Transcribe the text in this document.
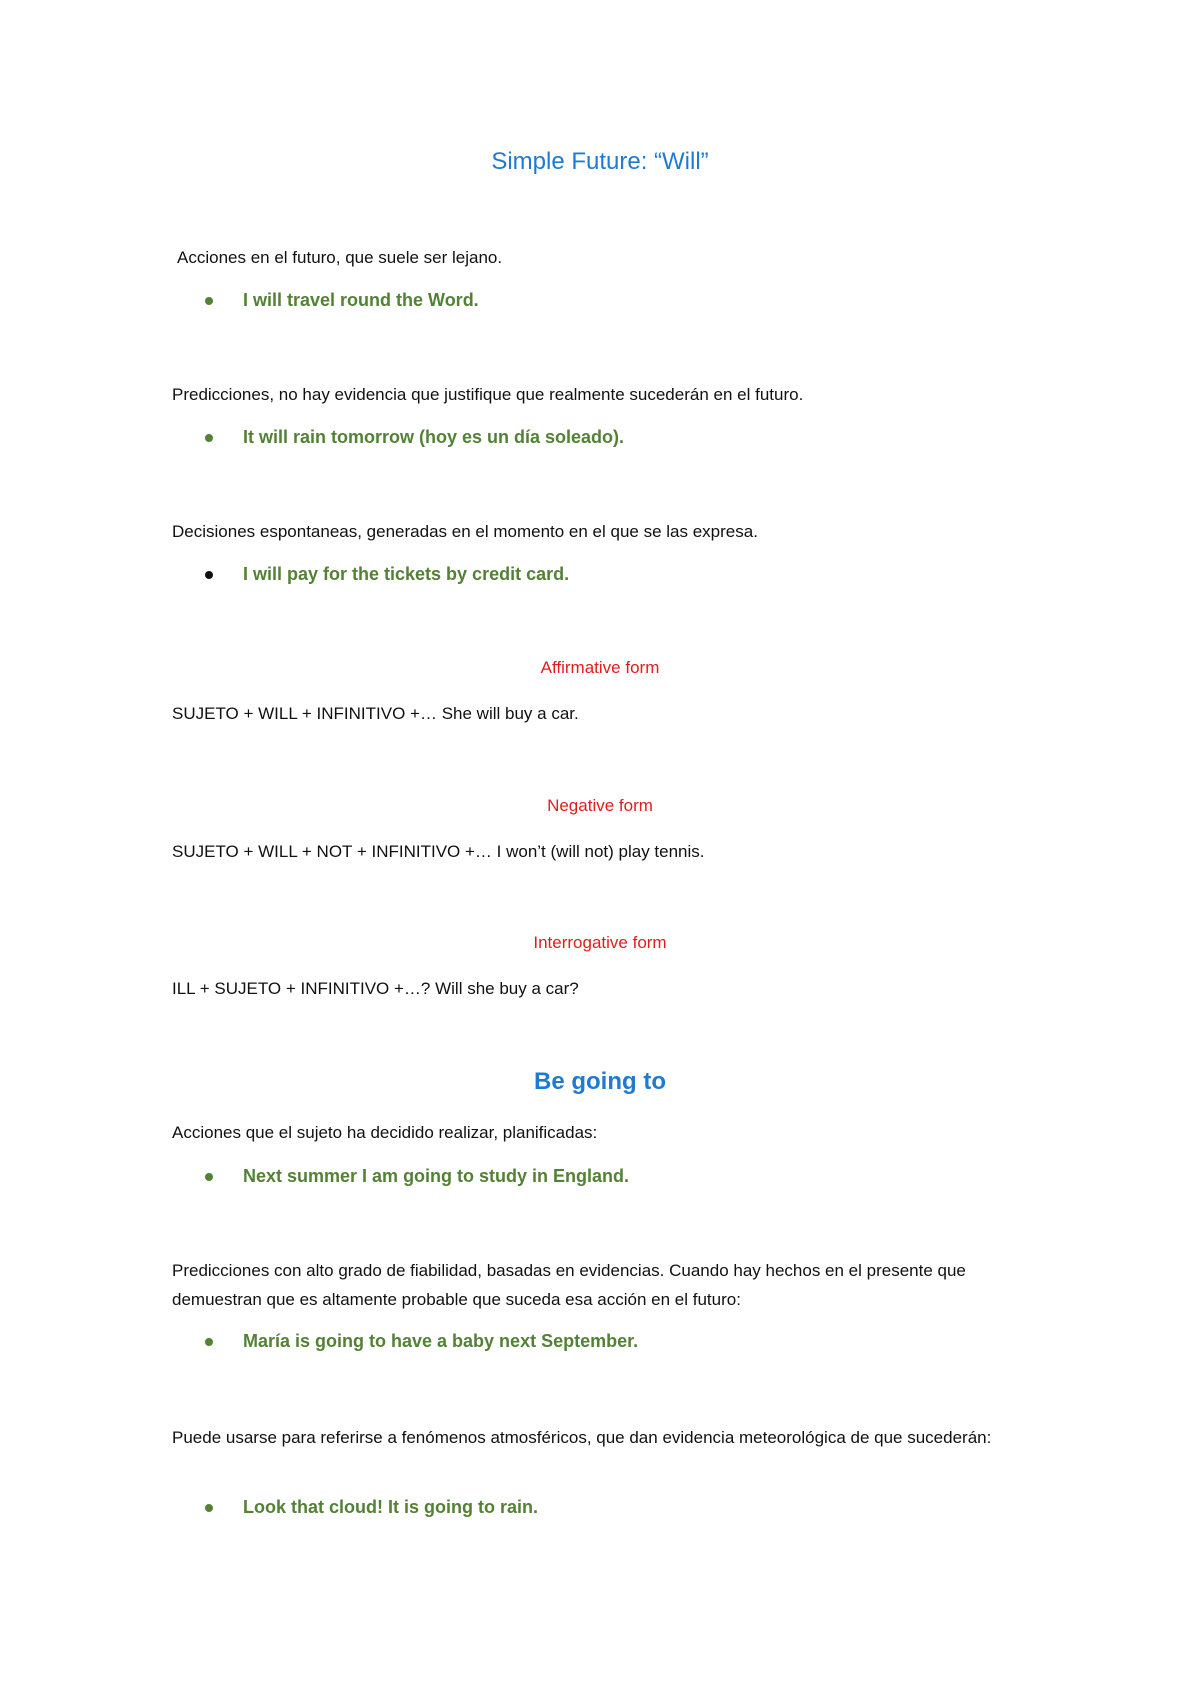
Simple Future: “Will”
Acciones en el futuro, que suele ser lejano.
I will travel round the Word.
Predicciones, no hay evidencia que justifique que realmente sucederán en el futuro.
It will rain tomorrow (hoy es un día soleado).
Decisiones espontaneas, generadas en el momento en el que se las expresa.
I will pay for the tickets by credit card.
Affirmative form
SUJETO + WILL + INFINITIVO +… She will buy a car.
Negative form
SUJETO + WILL + NOT + INFINITIVO +… I won’t (will not) play tennis.
Interrogative form
ILL + SUJETO + INFINITIVO +…? Will she buy a car?
Be going to
Acciones que el sujeto ha decidido realizar, planificadas:
Next summer I am going to study in England.
Predicciones con alto grado de fiabilidad, basadas en evidencias. Cuando hay hechos en el presente que demuestran que es altamente probable que suceda esa acción en el futuro:
María is going to have a baby next September.
Puede usarse para referirse a fenómenos atmosféricos, que dan evidencia meteorológica de que sucederán:
Look that cloud! It is going to rain.
